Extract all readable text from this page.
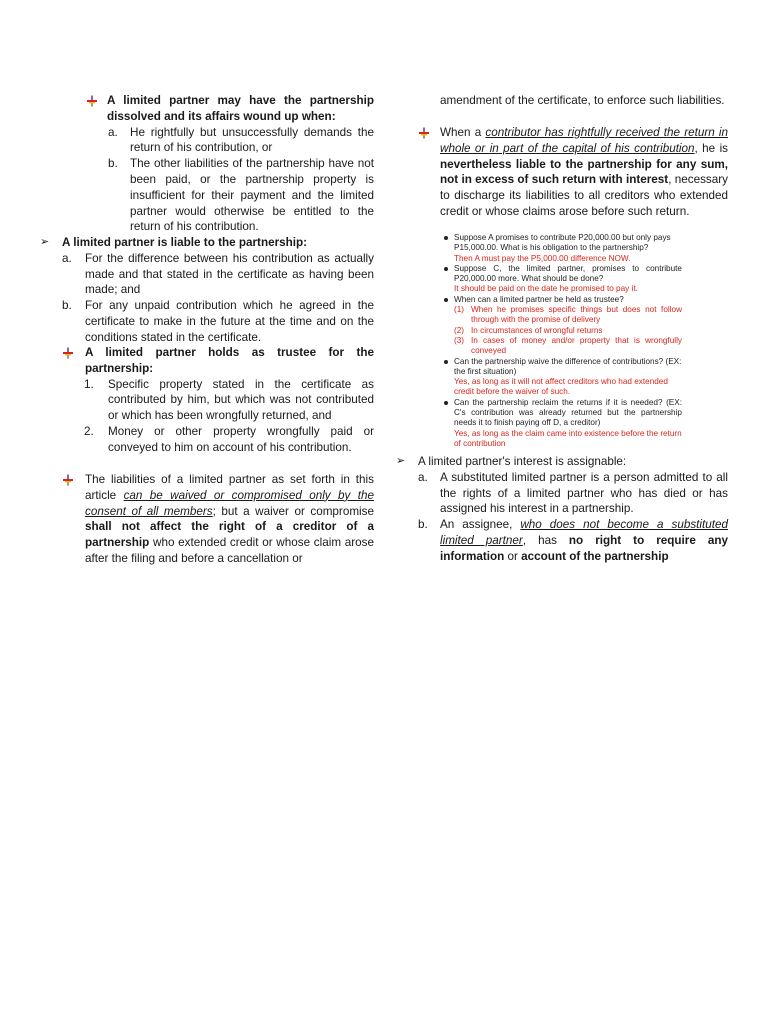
A limited partner may have the partnership dissolved and its affairs wound up when:
a. He rightfully but unsuccessfully demands the return of his contribution, or
b. The other liabilities of the partnership have not been paid, or the partnership property is insufficient for their payment and the limited partner would otherwise be entitled to the return of his contribution.
➢ A limited partner is liable to the partnership:
a. For the difference between his contribution as actually made and that stated in the certificate as having been made; and
b. For any unpaid contribution which he agreed in the certificate to make in the future at the time and on the conditions stated in the certificate.
A limited partner holds as trustee for the partnership:
1. Specific property stated in the certificate as contributed by him, but which was not contributed or which has been wrongfully returned, and
2. Money or other property wrongfully paid or conveyed to him on account of his contribution.
The liabilities of a limited partner as set forth in this article can be waived or compromised only by the consent of all members; but a waiver or compromise shall not affect the right of a creditor of a partnership who extended credit or whose claim arose after the filing and before a cancellation or
amendment of the certificate, to enforce such liabilities.
When a contributor has rightfully received the return in whole or in part of the capital of his contribution, he is nevertheless liable to the partnership for any sum, not in excess of such return with interest, necessary to discharge its liabilities to all creditors who extended credit or whose claims arose before such return.
Suppose A promises to contribute P20,000.00 but only pays P15,000.00. What is his obligation to the partnership?
Then A must pay the P5,000.00 difference NOW.
Suppose C, the limited partner, promises to contribute P20,000.00 more. What should be done?
It should be paid on the date he promised to pay it.
When can a limited partner be held as trustee?
(1) When he promises specific things but does not follow through with the promise of delivery
(2) In circumstances of wrongful returns
(3) In cases of money and/or property that is wrongfully conveyed
Can the partnership waive the difference of contributions? (EX: the first situation)
Yes, as long as it will not affect creditors who had extended credit before the waiver of such.
Can the partnership reclaim the returns if it is needed? (EX: C's contribution was already returned but the partnership needs it to finish paying off D, a creditor)
Yes, as long as the claim came into existence before the return of contribution
➢ A limited partner's interest is assignable:
a. A substituted limited partner is a person admitted to all the rights of a limited partner who has died or has assigned his interest in a partnership.
b. An assignee, who does not become a substituted limited partner, has no right to require any information or account of the partnership
